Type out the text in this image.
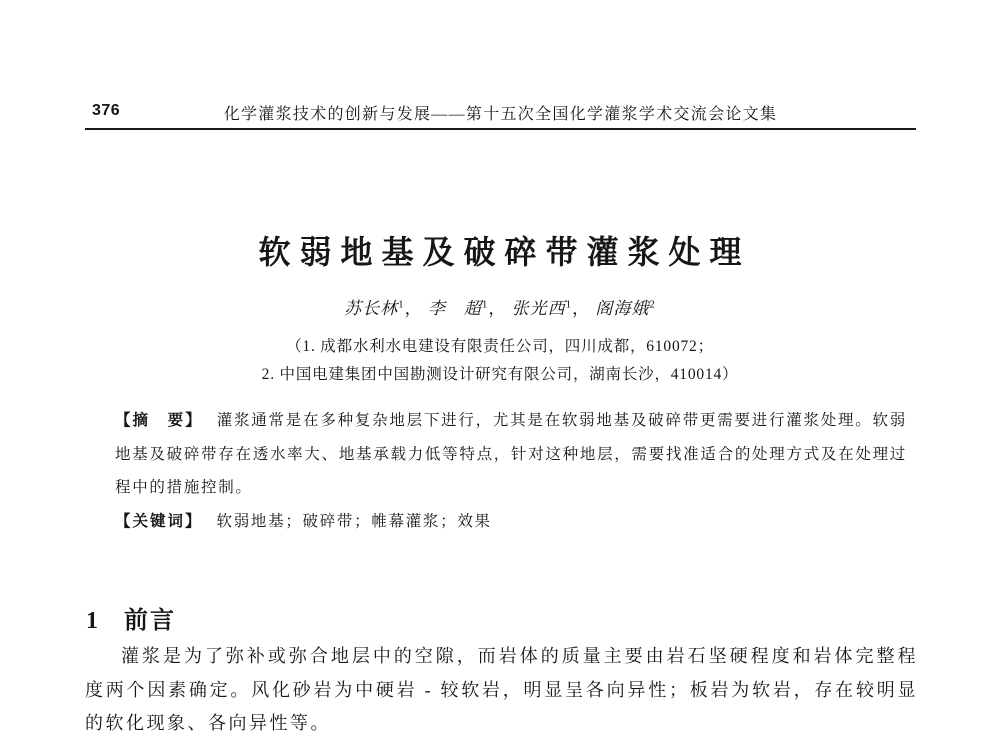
376	化学灌浆技术的创新与发展——第十五次全国化学灌浆学术交流会论文集
软弱地基及破碎带灌浆处理
苏长林$^1$， 李　超$^1$， 张光西$^1$， 阁海娥$^2$
（1. 成都水利水电建设有限责任公司，四川成都，610072；
2. 中国电建集团中国勘测设计研究有限公司，湖南长沙，410014）

【摘　要】 灌浆通常是在多种复杂地层下进行，尤其是在软弱地基及破碎带更需要进行灌浆处理。软弱地基及破碎带存在透水率大、地基承载力低等特点，针对这种地层，需要找准适合的处理方式及在处理过程中的措施控制。

【关键词】 软弱地基；破碎带；帷幕灌浆；效果

1 前言

灌浆是为了弥补或弥合地层中的空隙，而岩体的质量主要由岩石坚硬程度和岩体完整程度两个因素确定。风化砂岩为中硬岩 - 较软岩，明显呈各向异性；板岩为软岩，存在较明显的软化现象、各向异性等。
